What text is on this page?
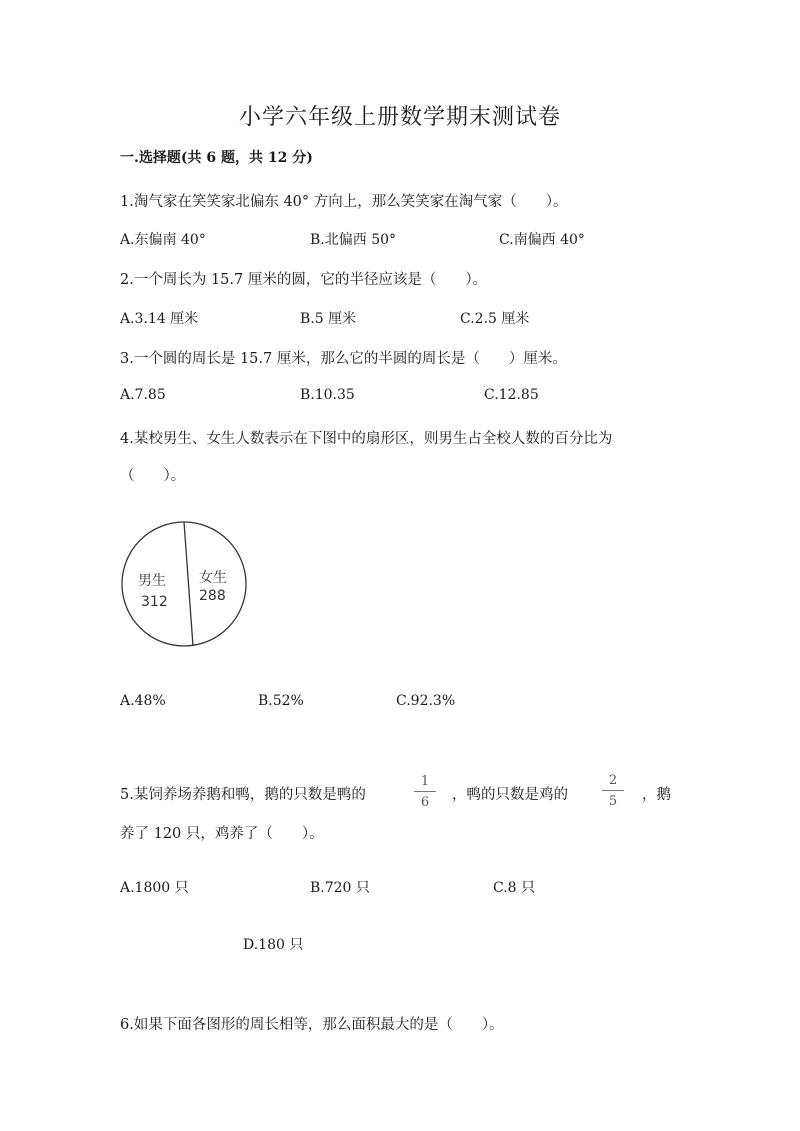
小学六年级上册数学期末测试卷
一.选择题(共 6 题，共 12 分)
1.淘气家在笑笑家北偏东 40° 方向上，那么笑笑家在淘气家（　　）。
A.东偏南 40°	B.北偏西 50°	C.南偏西 40°
2.一个周长为 15.7 厘米的圆，它的半径应该是（　　）。
A.3.14 厘米	B.5 厘米	C.2.5 厘米
3.一个圆的周长是 15.7 厘米，那么它的半圆的周长是（　　）厘米。
A.7.85	B.10.35	C.12.85
4.某校男生、女生人数表示在下图中的扇形区，则男生占全校人数的百分比为
（　　）。
男生
312
女生
288
A.48%	B.52%	C.92.3%
5.某饲养场养鹅和鸭，鹅的只数是鸭的
1
6	，鸭的只数是鸡的
2
5	，鹅
养了 120 只，鸡养了（　　）。
A.1800 只	B.720 只	C.8 只
D.180 只
6.如果下面各图形的周长相等，那么面积最大的是（　　）。
